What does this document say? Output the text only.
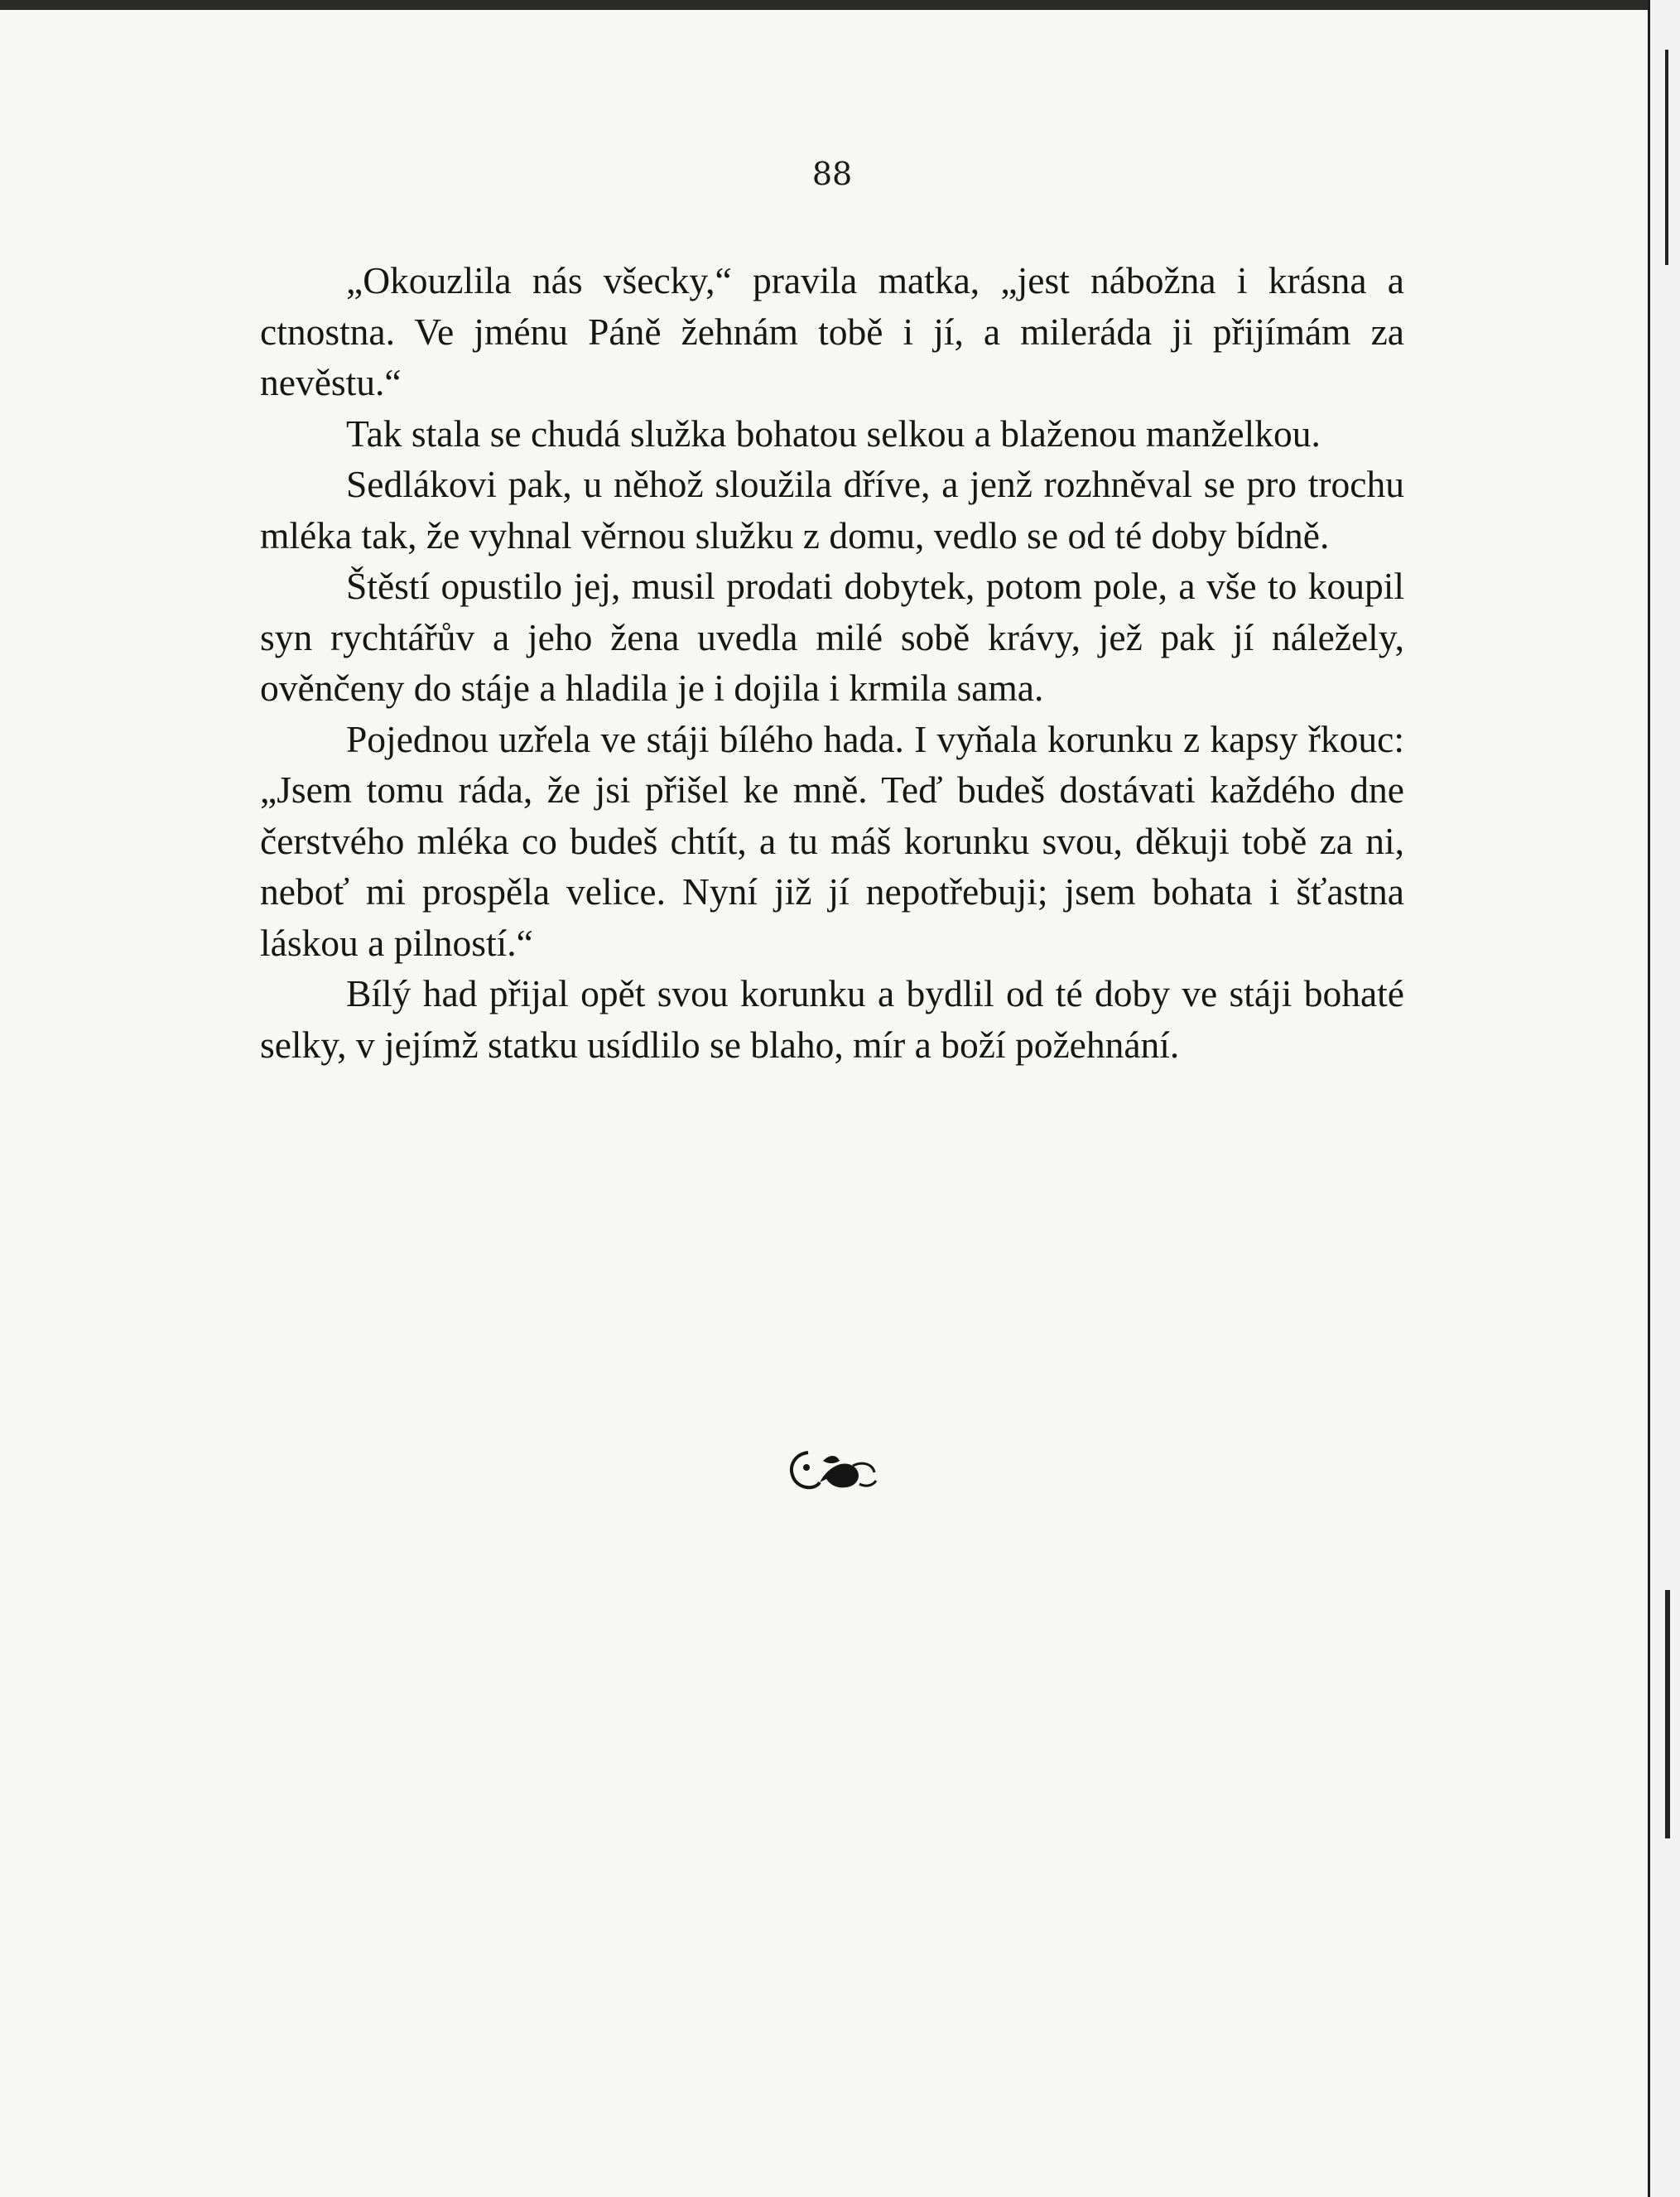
88

„Okouzlila nás všecky,“ pravila matka, „jest nábožna i krásna a ctnostna. Ve jménu Páně žehnám tobě i jí, a mileráda ji přijímám za nevěstu.“

Tak stala se chudá služka bohatou selkou a blaženou manželkou.

Sedlákovi pak, u něhož sloužila dříve, a jenž rozhněval se pro trochu mléka tak, že vyhnal věrnou služku z domu, vedlo se od té doby bídně.

Štěstí opustilo jej, musil prodati dobytek, potom pole, a vše to koupil syn rychtářův a jeho žena uvedla milé sobě krávy, jež pak jí náležely, ověnčeny do stáje a hladila je i dojila i krmila sama.

Pojednou uzřela ve stáji bílého hada. I vyňala korunku z kapsy řkouc: „Jsem tomu ráda, že jsi přišel ke mně. Teď budeš dostávati každého dne čerstvého mléka co budeš chtít, a tu máš korunku svou, děkuji tobě za ni, neboť mi prospěla velice. Nyní již jí nepotřebuji; jsem bohata i šťastna láskou a pilností.“

Bílý had přijal opět svou korunku a bydlil od té doby ve stáji bohaté selky, v jejímž statku usídlilo se blaho, mír a boží požehnání.
